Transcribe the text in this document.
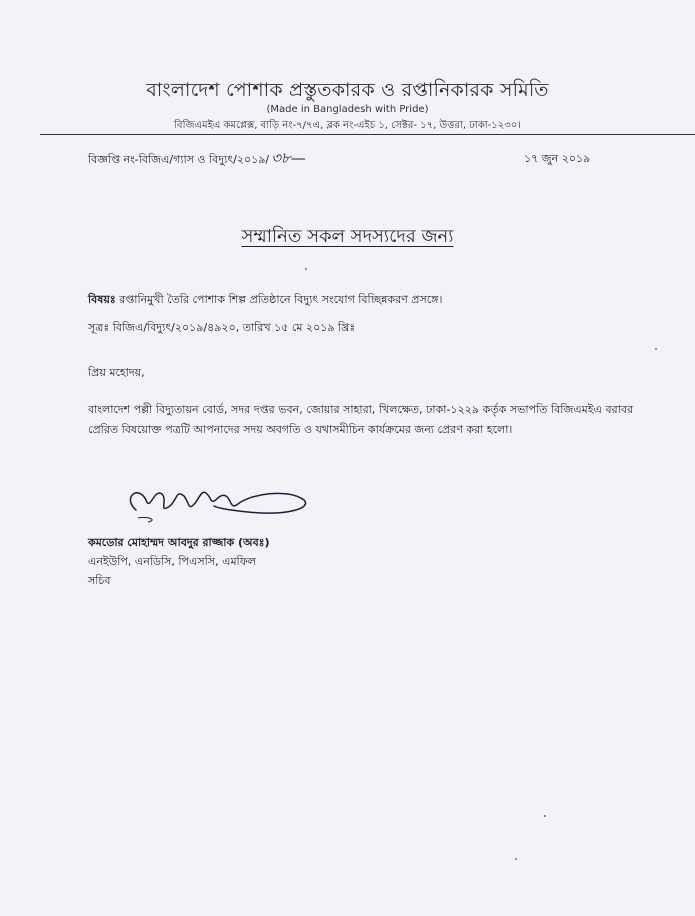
বাংলাদেশ পোশাক প্রস্তুতকারক ও রপ্তানিকারক সমিতি
(Made in Bangladesh with Pride)
বিজিএমইএ কমপ্লেক্স, বাড়ি নং-৭/৭এ, ব্লক নং-এইচ ১, সেক্টর- ১৭, উত্তরা, ঢাকা-১২৩০।
বিজ্ঞপ্তি নং-বিজিএ/গ্যাস ও বিদ্যুৎ/২০১৯/ ৩৮—	১৭ জুন ২০১৯
সম্মানিত সকল সদস্যদের জন্য
বিষয়ঃ রপ্তানিমুখী তৈরি পোশাক শিল্প প্রতিষ্ঠানে বিদ্যুৎ সংযোগ বিচ্ছিন্নকরণ প্রসঙ্গে।
সূত্রঃ বিজিএ/বিদ্যুৎ/২০১৯/৪৯২০, তারিখ ১৫ মে ২০১৯ খ্রিঃ
প্রিয় মহোদয়,
বাংলাদেশ পল্লী বিদ্যুতায়ন বোর্ড, সদর দপ্তর ভবন, জোয়ার সাহারা, খিলক্ষেত, ঢাকা-১২২৯ কর্তৃক সভাপতি বিজিএমইএ বরাবর প্রেরিত বিষয়োক্ত পত্রটি আপনাদের সদয় অবগতি ও যথাসমীচিন কার্যক্রমের জন্য প্রেরণ করা হলো।
কমডোর মোহাম্মদ আবদুর রাজ্জাক (অবঃ)
এনইউপি, এনডিসি, পিএসসি, এমফিল
সচিব
